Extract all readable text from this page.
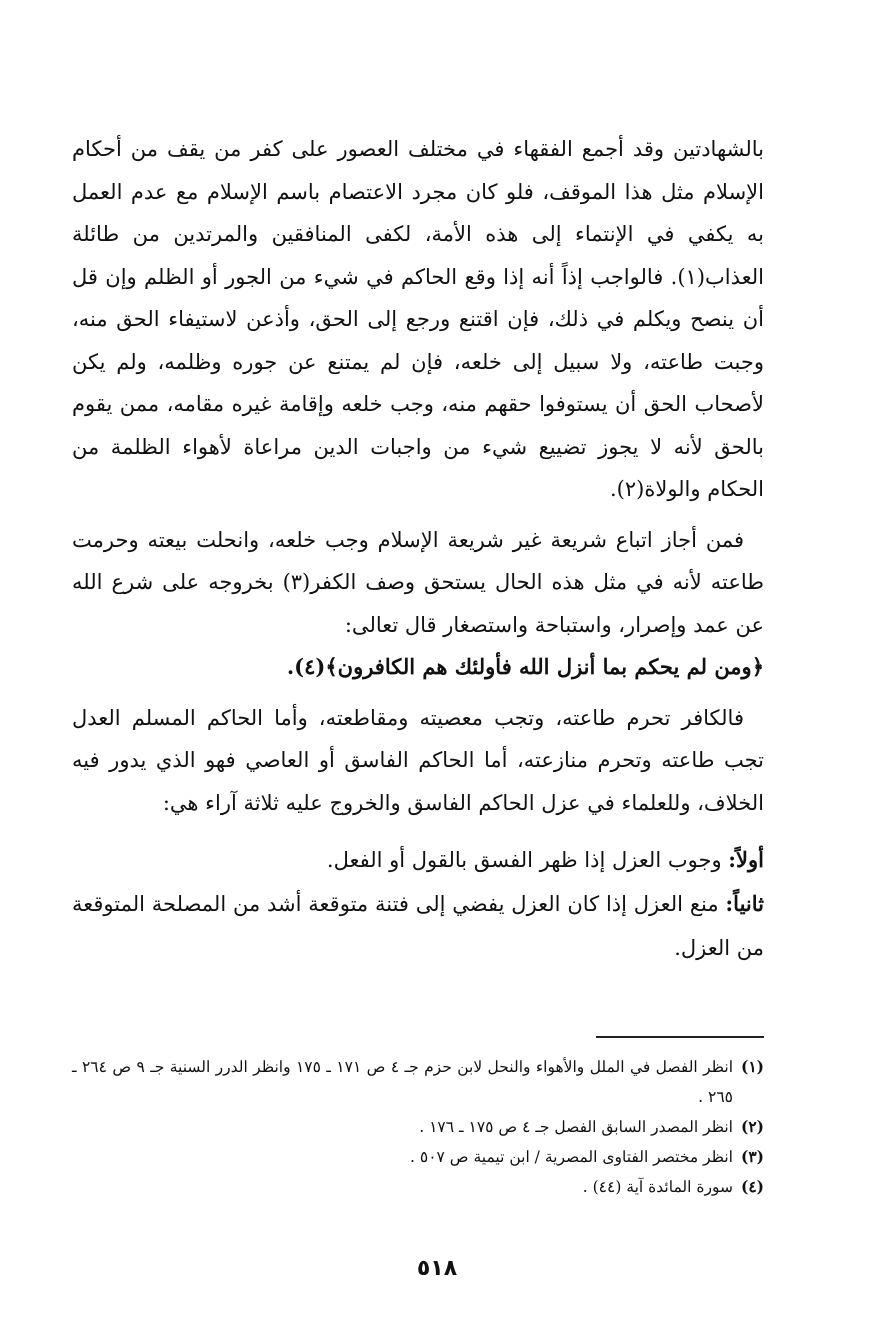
بالشهادتين وقد أجمع الفقهاء في مختلف العصور على كفر من يقف من أحكام الإسلام مثل هذا الموقف، فلو كان مجرد الاعتصام باسم الإسلام مع عدم العمل به يكفي في الإنتماء إلى هذه الأمة، لكفى المنافقين والمرتدين من طائلة العذاب(١). فالواجب إذاً أنه إذا وقع الحاكم في شيء من الجور أو الظلم وإن قل أن ينصح ويكلم في ذلك، فإن اقتنع ورجع إلى الحق، وأذعن لاستيفاء الحق منه، وجبت طاعته، ولا سبيل إلى خلعه، فإن لم يمتنع عن جوره وظلمه، ولم يكن لأصحاب الحق أن يستوفوا حقهم منه، وجب خلعه وإقامة غيره مقامه، ممن يقوم بالحق لأنه لا يجوز تضييع شيء من واجبات الدين مراعاة لأهواء الظلمة من الحكام والولاة(٢).

فمن أجاز اتباع شريعة غير شريعة الإسلام وجب خلعه، وانحلت بيعته وحرمت طاعته لأنه في مثل هذه الحال يستحق وصف الكفر(٣) بخروجه على شرع الله عن عمد وإصرار، واستباحة واستصغار قال تعالى:
﴿ومن لم يحكم بما أنزل الله فأولئك هم الكافرون﴾(٤).

فالكافر تحرم طاعته، وتجب معصيته ومقاطعته، وأما الحاكم المسلم العدل تجب طاعته وتحرم منازعته، أما الحاكم الفاسق أو العاصي فهو الذي يدور فيه الخلاف، وللعلماء في عزل الحاكم الفاسق والخروج عليه ثلاثة آراء هي:

أولاً: وجوب العزل إذا ظهر الفسق بالقول أو الفعل.

ثانياً: منع العزل إذا كان العزل يفضي إلى فتنة متوقعة أشد من المصلحة المتوقعة من العزل.

(١)
انظر الفصل في الملل والأهواء والنحل لابن حزم جـ ٤ ص ١٧١ ـ ١٧٥ وانظر الدرر السنية جـ ٩ ص ٢٦٤ ـ ٢٦٥ .

(٢)
انظر المصدر السابق الفصل جـ ٤ ص ١٧٥ ـ ١٧٦ .

(٣)
انظر مختصر الفتاوى المصرية / ابن تيمية ص ٥٠٧ .

(٤)
سورة المائدة آية (٤٤) .

٥١٨
